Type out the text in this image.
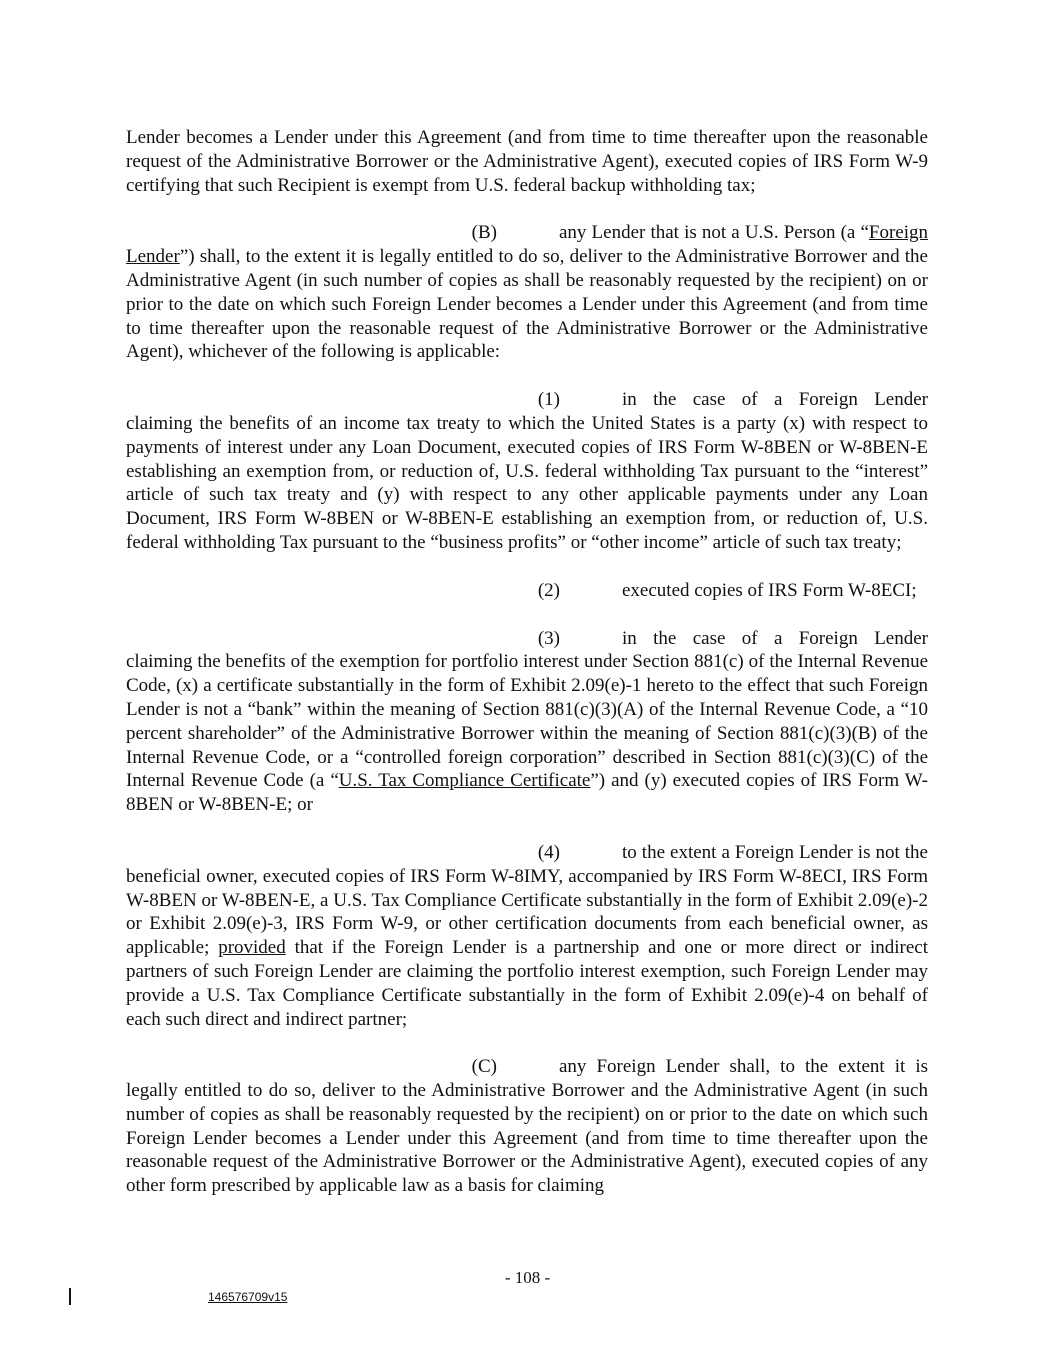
Lender becomes a Lender under this Agreement (and from time to time thereafter upon the reasonable request of the Administrative Borrower or the Administrative Agent), executed copies of IRS Form W-9 certifying that such Recipient is exempt from U.S. federal backup withholding tax;

(B)	any Lender that is not a U.S. Person (a “Foreign Lender”) shall, to the extent it is legally entitled to do so, deliver to the Administrative Borrower and the Administrative Agent (in such number of copies as shall be reasonably requested by the recipient) on or prior to the date on which such Foreign Lender becomes a Lender under this Agreement (and from time to time thereafter upon the reasonable request of the Administrative Borrower or the Administrative Agent), whichever of the following is applicable:

(1)	in the case of a Foreign Lender claiming the benefits of an income tax treaty to which the United States is a party (x) with respect to payments of interest under any Loan Document, executed copies of IRS Form W-8BEN or W-8BEN-E establishing an exemption from, or reduction of, U.S. federal withholding Tax pursuant to the “interest” article of such tax treaty and (y) with respect to any other applicable payments under any Loan Document, IRS Form W-8BEN or W-8BEN-E establishing an exemption from, or reduction of, U.S. federal withholding Tax pursuant to the “business profits” or “other income” article of such tax treaty;

(2)	executed copies of IRS Form W-8ECI;

(3)	in the case of a Foreign Lender claiming the benefits of the exemption for portfolio interest under Section 881(c) of the Internal Revenue Code, (x) a certificate substantially in the form of Exhibit 2.09(e)-1 hereto to the effect that such Foreign Lender is not a “bank” within the meaning of Section 881(c)(3)(A) of the Internal Revenue Code, a “10 percent shareholder” of the Administrative Borrower within the meaning of Section 881(c)(3)(B) of the Internal Revenue Code, or a “controlled foreign corporation” described in Section 881(c)(3)(C) of the Internal Revenue Code (a “U.S. Tax Compliance Certificate”) and (y) executed copies of IRS Form W-8BEN or W-8BEN-E; or

(4)	to the extent a Foreign Lender is not the beneficial owner, executed copies of IRS Form W-8IMY, accompanied by IRS Form W-8ECI, IRS Form W-8BEN or W-8BEN-E, a U.S. Tax Compliance Certificate substantially in the form of Exhibit 2.09(e)-2 or Exhibit 2.09(e)-3, IRS Form W-9, or other certification documents from each beneficial owner, as applicable; provided that if the Foreign Lender is a partnership and one or more direct or indirect partners of such Foreign Lender are claiming the portfolio interest exemption, such Foreign Lender may provide a U.S. Tax Compliance Certificate substantially in the form of Exhibit 2.09(e)-4 on behalf of each such direct and indirect partner;

(C)	any Foreign Lender shall, to the extent it is legally entitled to do so, deliver to the Administrative Borrower and the Administrative Agent (in such number of copies as shall be reasonably requested by the recipient) on or prior to the date on which such Foreign Lender becomes a Lender under this Agreement (and from time to time thereafter upon the reasonable request of the Administrative Borrower or the Administrative Agent), executed copies of any other form prescribed by applicable law as a basis for claiming

- 108 -
146576709v15
